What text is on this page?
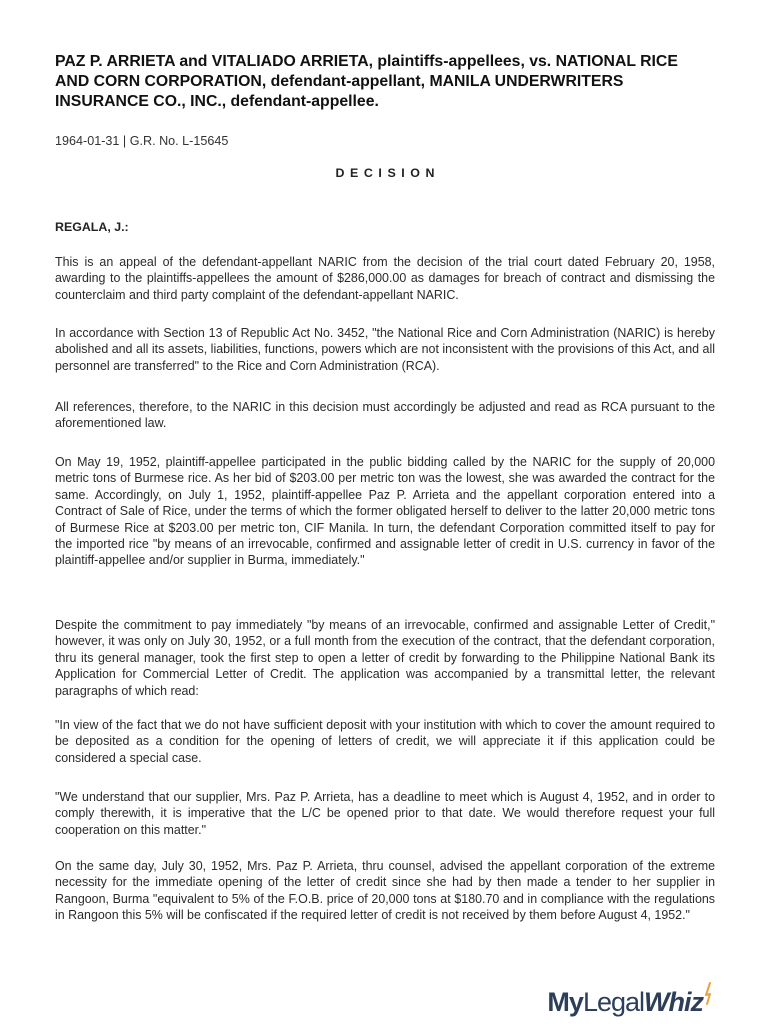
PAZ P. ARRIETA and VITALIADO ARRIETA, plaintiffs-appellees, vs. NATIONAL RICE AND CORN CORPORATION, defendant-appellant, MANILA UNDERWRITERS INSURANCE CO., INC., defendant-appellee.

1964-01-31 | G.R. No. L-15645

DECISION

REGALA, J.:

This is an appeal of the defendant-appellant NARIC from the decision of the trial court dated February 20, 1958, awarding to the plaintiffs-appellees the amount of $286,000.00 as damages for breach of contract and dismissing the counterclaim and third party complaint of the defendant-appellant NARIC.

In accordance with Section 13 of Republic Act No. 3452, "the National Rice and Corn Administration (NARIC) is hereby abolished and all its assets, liabilities, functions, powers which are not inconsistent with the provisions of this Act, and all personnel are transferred" to the Rice and Corn Administration (RCA).

All references, therefore, to the NARIC in this decision must accordingly be adjusted and read as RCA pursuant to the aforementioned law.

On May 19, 1952, plaintiff-appellee participated in the public bidding called by the NARIC for the supply of 20,000 metric tons of Burmese rice. As her bid of $203.00 per metric ton was the lowest, she was awarded the contract for the same. Accordingly, on July 1, 1952, plaintiff-appellee Paz P. Arrieta and the appellant corporation entered into a Contract of Sale of Rice, under the terms of which the former obligated herself to deliver to the latter 20,000 metric tons of Burmese Rice at $203.00 per metric ton, CIF Manila. In turn, the defendant Corporation committed itself to pay for the imported rice "by means of an irrevocable, confirmed and assignable letter of credit in U.S. currency in favor of the plaintiff-appellee and/or supplier in Burma, immediately."

Despite the commitment to pay immediately "by means of an irrevocable, confirmed and assignable Letter of Credit," however, it was only on July 30, 1952, or a full month from the execution of the contract, that the defendant corporation, thru its general manager, took the first step to open a letter of credit by forwarding to the Philippine National Bank its Application for Commercial Letter of Credit. The application was accompanied by a transmittal letter, the relevant paragraphs of which read:

"In view of the fact that we do not have sufficient deposit with your institution with which to cover the amount required to be deposited as a condition for the opening of letters of credit, we will appreciate it if this application could be considered a special case.

"We understand that our supplier, Mrs. Paz P. Arrieta, has a deadline to meet which is August 4, 1952, and in order to comply therewith, it is imperative that the L/C be opened prior to that date. We would therefore request your full cooperation on this matter."

On the same day, July 30, 1952, Mrs. Paz P. Arrieta, thru counsel, advised the appellant corporation of the extreme necessity for the immediate opening of the letter of credit since she had by then made a tender to her supplier in Rangoon, Burma "equivalent to 5% of the F.O.B. price of 20,000 tons at $180.70 and in compliance with the regulations in Rangoon this 5% will be confiscated if the required letter of credit is not received by them before August 4, 1952."

My Legal Whiz
